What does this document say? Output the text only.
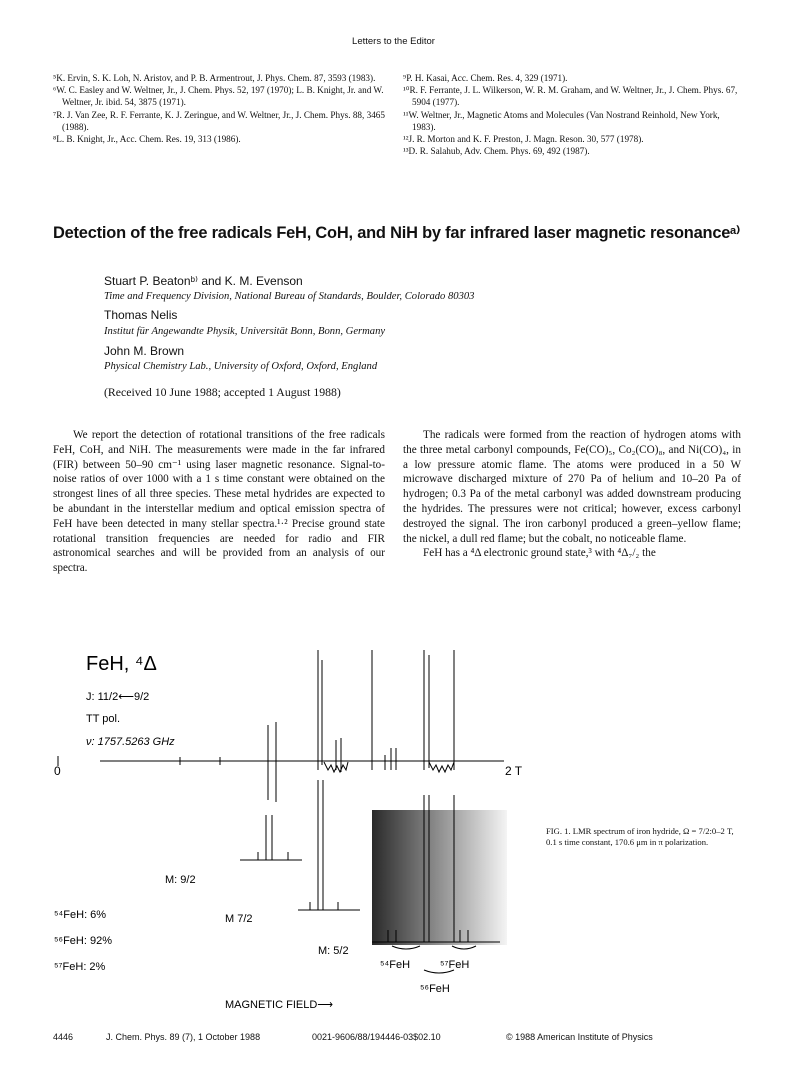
Letters to the Editor
⁵K. Ervin, S. K. Loh, N. Aristov, and P. B. Armentrout, J. Phys. Chem. 87, 3593 (1983).
⁶W. C. Easley and W. Weltner, Jr., J. Chem. Phys. 52, 197 (1970); L. B. Knight, Jr. and W. Weltner, Jr. ibid. 54, 3875 (1971).
⁷R. J. Van Zee, R. F. Ferrante, K. J. Zeringue, and W. Weltner, Jr., J. Chem. Phys. 88, 3465 (1988).
⁸L. B. Knight, Jr., Acc. Chem. Res. 19, 313 (1986).
⁹P. H. Kasai, Acc. Chem. Res. 4, 329 (1971).
¹⁰R. F. Ferrante, J. L. Wilkerson, W. R. M. Graham, and W. Weltner, Jr., J. Chem. Phys. 67, 5904 (1977).
¹¹W. Weltner, Jr., Magnetic Atoms and Molecules (Van Nostrand Reinhold, New York, 1983).
¹²J. R. Morton and K. F. Preston, J. Magn. Reson. 30, 577 (1978).
¹³D. R. Salahub, Adv. Chem. Phys. 69, 492 (1987).
Detection of the free radicals FeH, CoH, and NiH by far infrared laser magnetic resonanceᵃ⁾
Stuart P. Beatonᵇ⁾ and K. M. Evenson
Time and Frequency Division, National Bureau of Standards, Boulder, Colorado 80303
Thomas Nelis
Institut für Angewandte Physik, Universität Bonn, Bonn, Germany
John M. Brown
Physical Chemistry Lab., University of Oxford, Oxford, England
(Received 10 June 1988; accepted 1 August 1988)

We report the detection of rotational transitions of the free radicals FeH, CoH, and NiH. The measurements were made in the far infrared (FIR) between 50–90 cm⁻¹ using laser magnetic resonance. Signal-to-noise ratios of over 1000 with a 1 s time constant were obtained on the strongest lines of all three species. These metal hydrides are expected to be abundant in the interstellar medium and optical emission spectra of FeH have been detected in many stellar spectra.¹·² Precise ground state rotational transition frequencies are needed for radio and FIR astronomical searches and will be provided from an analysis of our spectra.

The radicals were formed from the reaction of hydrogen atoms with the three metal carbonyl compounds, Fe(CO)₅, Co₂(CO)₈, and Ni(CO)₄, in a low pressure atomic flame. The atoms were produced in a 50 W microwave discharged mixture of 270 Pa of helium and 10–20 Pa of hydrogen; 0.3 Pa of the metal carbonyl was added downstream producing the hydrides. The pressures were not critical; however, excess carbonyl destroyed the signal. The iron carbonyl produced a green–yellow flame; the nickel, a dull red flame; but the cobalt, no noticeable flame.

FeH has a ⁴Δ electronic ground state,³ with ⁴Δ₇/₂ the

FeH, ⁴Δ
J: 11/2⟵9/2
TT pol.
ν: 1757.5263 GHz
0	2 T
M: 9/2
M 7/2
M: 5/2
⁵⁴FeH: 6%
⁵⁶FeH: 92%
⁵⁷FeH: 2%	⁵⁴FeH	⁵⁷FeH
⁵⁶FeH
MAGNETIC FIELD⟶
FIG. 1. LMR spectrum of iron hydride, Ω = 7/2:0–2 T, 0.1 s time constant, 170.6 μm in π polarization.
4446	J. Chem. Phys. 89 (7), 1 October 1988	0021-9606/88/194446-03$02.10	© 1988 American Institute of Physics
